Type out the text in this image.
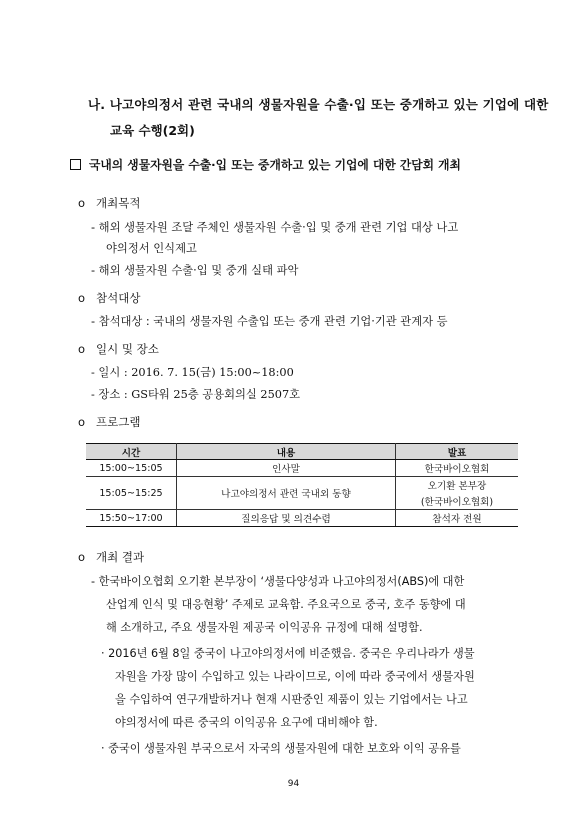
나. 나고야의정서 관련 국내의 생물자원을 수출·입 또는 중개하고 있는 기업에 대한
교육 수행(2회)
국내의 생물자원을 수출·입 또는 중개하고 있는 기업에 대한 간담회 개최
ο 개최목적
- 해외 생물자원 조달 주체인 생물자원 수출·입 및 중개 관련 기업 대상 나고
야의정서 인식제고
- 해외 생물자원 수출·입 및 중개 실태 파악
ο 참석대상
- 참석대상 : 국내의 생물자원 수출입 또는 중개 관련 기업·기관 관계자 등
ο 일시 및 장소
- 일시 : 2016. 7. 15(금) 15:00~18:00
- 장소 : GS타워 25층 공용회의실 2507호
ο 프로그램
시간	내용	발표
15:00~15:05	인사말	한국바이오협회
15:05~15:25	나고야의정서 관련 국내외 동향	오기환 본부장
		(한국바이오협회)
15:50~17:00	질의응답 및 의견수렴	참석자 전원
ο 개최 결과
- 한국바이오협회 오기환 본부장이 ‘생물다양성과 나고야의정서(ABS)에 대한
산업계 인식 및 대응현황’ 주제로 교육함. 주요국으로 중국, 호주 동향에 대
해 소개하고, 주요 생물자원 제공국 이익공유 규정에 대해 설명함.
· 2016년 6월 8일 중국이 나고야의정서에 비준했음. 중국은 우리나라가 생물
자원을 가장 많이 수입하고 있는 나라이므로, 이에 따라 중국에서 생물자원
을 수입하여 연구개발하거나 현재 시판중인 제품이 있는 기업에서는 나고
야의정서에 따른 중국의 이익공유 요구에 대비해야 함.
· 중국이 생물자원 부국으로서 자국의 생물자원에 대한 보호와 이익 공유를
94
